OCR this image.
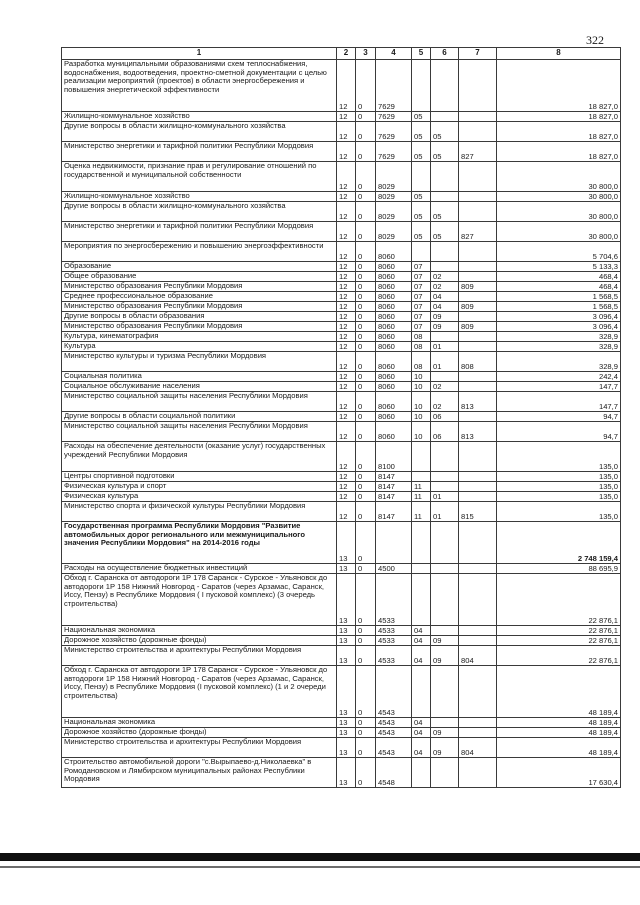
322
1	2	3	4	5	6	7	8
Разработка муниципальными образованиями схем теплоснабжения, водоснабжения, водоотведения, проектно-сметной документации с целью реализации мероприятий (проектов) в области энергосбережения и повышения энергетической эффективности	12	0	7629				18 827,0
Жилищно-коммунальное хозяйство	12	0	7629	05			18 827,0
Другие вопросы в области жилищно-коммунального хозяйства	12	0	7629	05	05		18 827,0
Министерство энергетики и тарифной политики Республики Мордовия	12	0	7629	05	05	827	18 827,0
Оценка недвижимости, признание прав и регулирование отношений по государственной и муниципальной собственности	12	0	8029				30 800,0
Жилищно-коммунальное хозяйство	12	0	8029	05			30 800,0
Другие вопросы в области жилищно-коммунального хозяйства	12	0	8029	05	05		30 800,0
Министерство энергетики и тарифной политики Республики Мордовия	12	0	8029	05	05	827	30 800,0
Мероприятия по энергосбережению и повышению энергоэффективности	12	0	8060				5 704,6
Образование	12	0	8060	07			5 133,3
Общее образование	12	0	8060	07	02		468,4
Министерство образования Республики Мордовия	12	0	8060	07	02	809	468,4
Среднее профессиональное образование	12	0	8060	07	04		1 568,5
Министерство образования Республики Мордовия	12	0	8060	07	04	809	1 568,5
Другие вопросы в области образования	12	0	8060	07	09		3 096,4
Министерство образования Республики Мордовия	12	0	8060	07	09	809	3 096,4
Культура, кинематография	12	0	8060	08			328,9
Культура	12	0	8060	08	01		328,9
Министерство культуры и туризма Республики Мордовия	12	0	8060	08	01	808	328,9
Социальная политика	12	0	8060	10			242,4
Социальное обслуживание населения	12	0	8060	10	02		147,7
Министерство социальной защиты населения Республики Мордовия	12	0	8060	10	02	813	147,7
Другие вопросы в области социальной политики	12	0	8060	10	06		94,7
Министерство социальной защиты населения Республики Мордовия	12	0	8060	10	06	813	94,7
Расходы на обеспечение деятельности (оказание услуг) государственных учреждений Республики Мордовия	12	0	8100				135,0
Центры спортивной подготовки	12	0	8147				135,0
Физическая культура и спорт	12	0	8147	11			135,0
Физическая культура	12	0	8147	11	01		135,0
Министерство спорта и физической культуры Республики Мордовия	12	0	8147	11	01	815	135,0
Государственная программа Республики Мордовия "Развитие автомобильных дорог регионального или межмуниципального значения Республики Мордовия" на 2014-2016 годы	13	0					2 748 159,4
Расходы на осуществление бюджетных инвестиций	13	0	4500				88 695,9
Обход г. Саранска от автодороги 1Р 178 Саранск - Сурское - Ульяновск до автодороги 1Р 158 Нижний Новгород - Саратов (через Арзамас, Саранск, Исcу, Пензу) в Республике Мордовия ( I пусковой комплекс) (3 очередь строительства)	13	0	4533				22 876,1
Национальная экономика	13	0	4533	04			22 876,1
Дорожное хозяйство (дорожные фонды)	13	0	4533	04	09		22 876,1
Министерство строительства и архитектуры Республики Мордовия	13	0	4533	04	09	804	22 876,1
Обход г. Саранска от автодороги 1Р 178 Саранск - Сурское - Ульяновск до автодороги 1Р 158 Нижний Новгород - Саратов (через Арзамас, Саранск, Иссу, Пензу) в Республике Мордовия (I пусковой комплекс) (1 и 2 очереди строительства)	13	0	4543				48 189,4
Национальная экономика	13	0	4543	04			48 189,4
Дорожное хозяйство (дорожные фонды)	13	0	4543	04	09		48 189,4
Министерство строительства и архитектуры Республики Мордовия	13	0	4543	04	09	804	48 189,4
Строительство автомобильной дороги "с.Вырыпаево-д.Николаевка" в Ромодановском и Лямбирском муниципальных районах Республики Мордовия	13	0	4548				17 630,4
